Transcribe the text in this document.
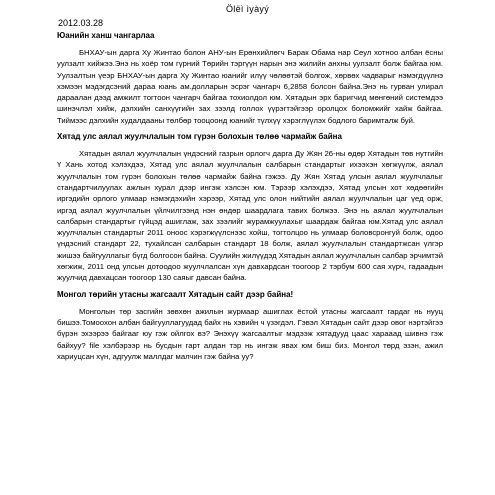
Ölëì ìyàyý
2012.03.28
Юанийн ханш чангарлаа

БНХАУ-ын дарга Ху Жинтао болон АНУ-ын Ерөнхийлөгч Барак Обама нар Сеул хотноо албан ёсны уулзалт хийжээ.Энэ нь хоёр том гүрний Төрийн тэргүүн нарын энэ жилийн анхны уулзалт болж байгаа юм. Уулзалтын үеэр БНХАУ-ын дарга Ху Жинтао юанийг илүү чөлөөтэй болгож, хөрвөх чадварыг нэмэгдүүлнэ хэмээн мэдэгдсэний дараа юань ам.долларын эсрэг чангарч 6,2858 болсон байна.Энэ нь гурван улирал дараалан дээд амжилт тогтоон чангарч байгаа тохиолдол юм. Хятадын эрх баригчид мөнгөний системдээ шинэчлэл хийж, дэлхийн санхүүгийн зах зээлд голлох үүрэгтэйгээр оролцох боломжийг хайж байгаа. Тиймээс дэлхийн худалдааны төлбөр тооцоонд юанийг түлхүү хэрэглүүлэх бодлого баримталж буй.

Хятад улс аялал жуулчлалын том гүрэн болохын төлөө чармайж байна

Хятадын аялал жуулчлалын үндэсний газрын орлогч дарга Ду Жян 26-ны өдөр Хятадын төв нутгийн Ү Хань хотод хэлэхдээ, Хятад улс аялал жуулчлалын салбарын стандартыг ихээхэн хөгжүүлж, аялал жуулчлалын том гүрэн болохын төлөө чармайж байна гэжээ. Ду Жян Хятад улсын аялал жуулчлалыг стандартчилуулах ажлын хурал дээр ингэж хэлсэн юм. Тэрээр хэлэхдээ, Хятад улсын хот хөдөөгийн иргэдийн орлого улмаар нэмэгдэхийн хэрээр, Хятад улс олон нийтийн аялал жуулчлалын цаг үед орж, иргэд аялал жуулчлалын үйлчилгээнд нэн өндөр шаардлага тавих болжээ. Энэ нь аялал жуулчлалын салбарын стандартыг гүйцэд ашиглаж, зах зээлийг журамжуулахыг шаардаж байгаа юм.Хятад улс аялал жуулчлалын стандартыг 2011 оноос хэрэгжүүлснээс хойш, тогтолцоо нь улмаар боловсронгуй болж, одоо үндэсний стандарт 22, тухайлсан салбарын стандарт 18 болж, аялал жуулчлалын стандартжсан үлгэр жишээ байгууллагыг бүгд болгосон байна. Суулийн жилүүдэд Хятадын аялал жуулчлалын салбар эрчимтэй хөгжиж, 2011 онд улсын дотоодоо жуулчлалсан хүн давхардсан тоогоор 2 тэрбум 600 сая хүрч, гадаадын жуулчид давхацсан тоогоор 130 саяыг давсан байна.

Монгол төрийн утасны жагсаалт Хятадын сайт дээр байна!

Монголын төр засгийн зөвхөн ажилын журмаар ашиглах ёстой утасны жагсаалт гардаг нь нууц бишээ.Томоохон албан байгууллагуудад байх нь хэвийн ч үзэгдэл. Гэвэл Хятадын сайт дээр овог нэртэйгээ бүрэн эхээрээ байгааг юу гэж ойлгох вэ? Энэхүү жагсаалтыг мэдээж хятадууд цаас харааад шивнэ гэж байхуу? file хэлбэрээр нь бусдын гарт алдан тэр нь ингэж явах юм биш биз. Монгол төрд эзэн, ажил хариуцсан хүн, адгуулж маллдаг малчин гэж байна уу?
